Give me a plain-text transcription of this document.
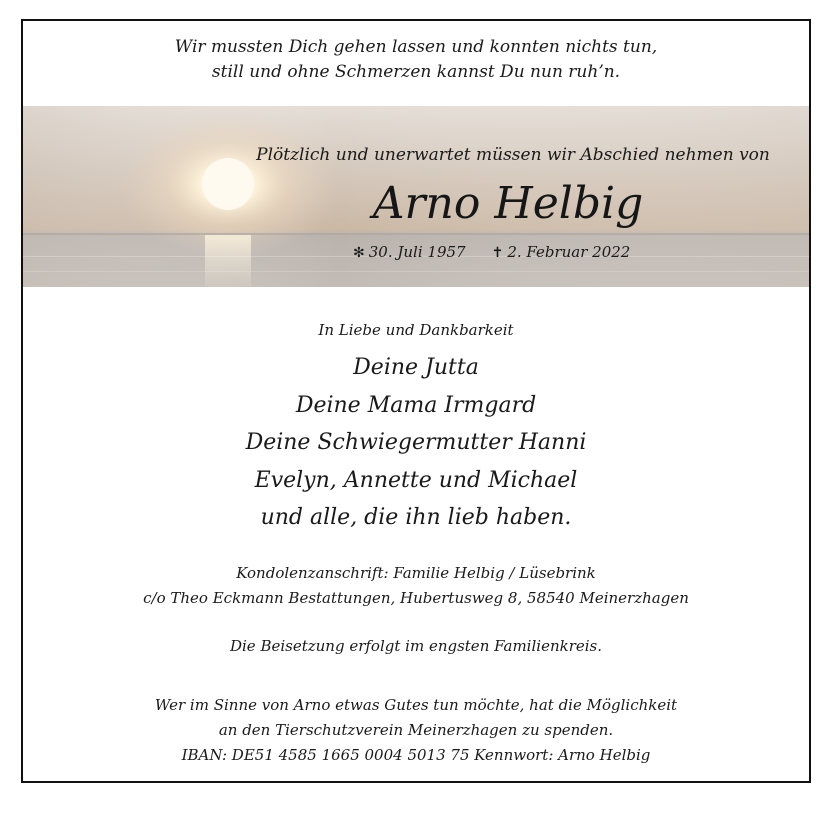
Wir mussten Dich gehen lassen und konnten nichts tun,
still und ohne Schmerzen kannst Du nun ruh’n.
Plötzlich und unerwartet müssen wir Abschied nehmen von
Arno Helbig
✻ 30. Juli 1957 ✝ 2. Februar 2022
In Liebe und Dankbarkeit
Deine Jutta
Deine Mama Irmgard
Deine Schwiegermutter Hanni
Evelyn, Annette und Michael
und alle, die ihn lieb haben.
Kondolenzanschrift: Familie Helbig / Lüsebrink
c/o Theo Eckmann Bestattungen, Hubertusweg 8, 58540 Meinerzhagen
Die Beisetzung erfolgt im engsten Familienkreis.
Wer im Sinne von Arno etwas Gutes tun möchte, hat die Möglichkeit
an den Tierschutzverein Meinerzhagen zu spenden.
IBAN: DE51 4585 1665 0004 5013 75 Kennwort: Arno Helbig
